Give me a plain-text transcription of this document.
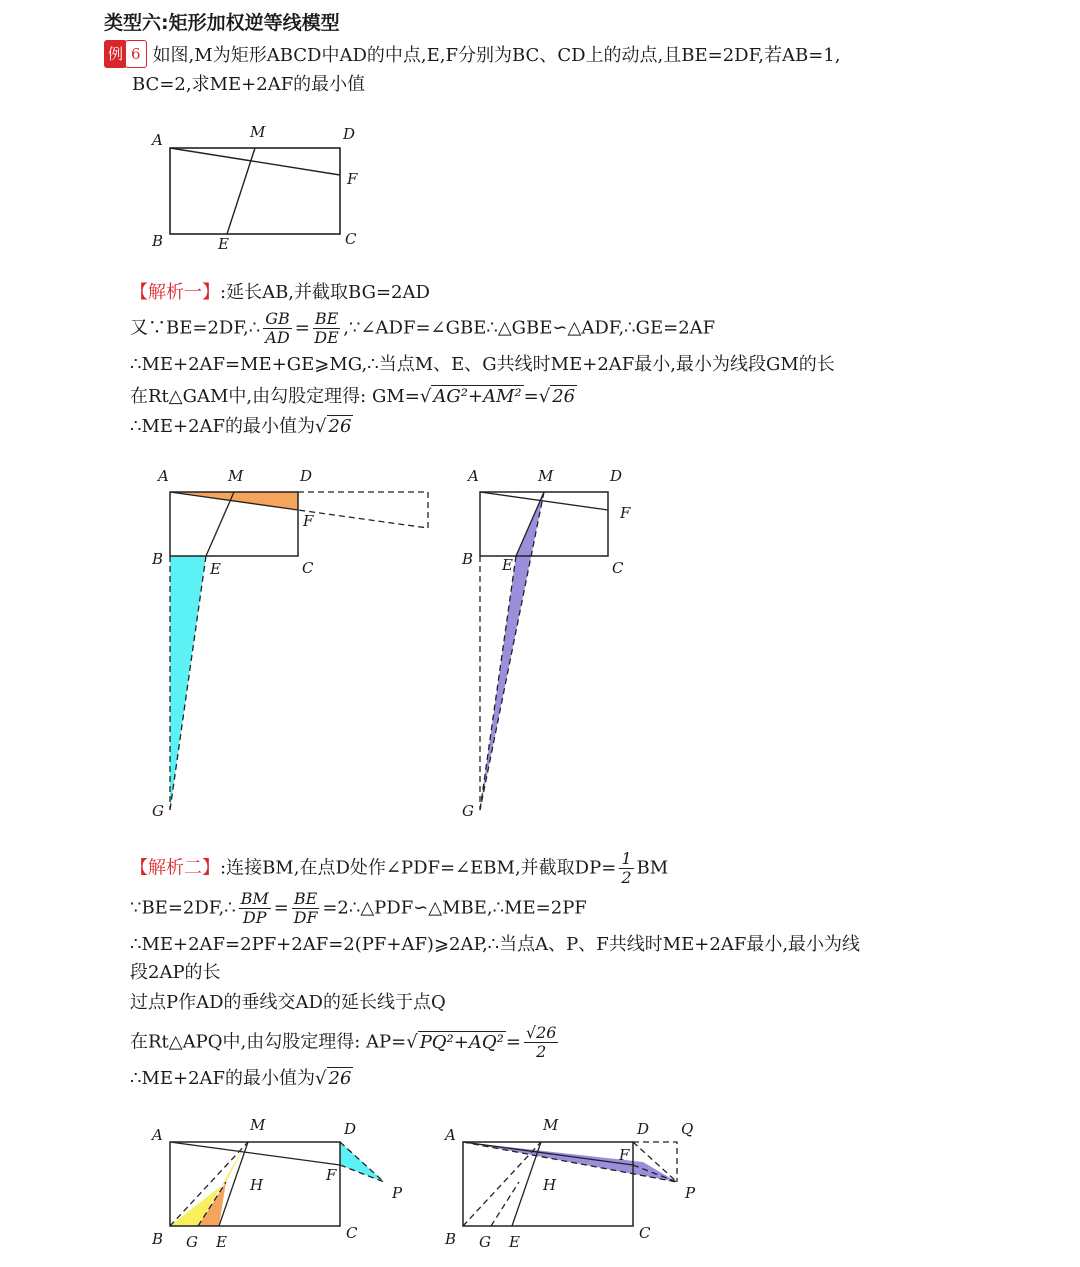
类型六:矩形加权逆等线模型
例 6 如图,M为矩形ABCD中AD的中点,E,F分别为BC、CD上的动点,且BE=2DF,若AB=1,
BC=2,求ME+2AF的最小值
A	M	D
F
B	E	C
【解析一】:延长AB,并截取BG=2AD
又∵BE=2DF,∴ $\frac{GB}{AD} = \frac{BE}{DE}$ ,∵∠ADF=∠GBE∴△GBE∽△ADF,∴GE=2AF
∴ME+2AF=ME+GE⩾MG,∴当点M、E、G共线时ME+2AF最小,最小为线段GM的长
在Rt△GAM中,由勾股定理得: GM=√ AG²+AM² =√ 26
∴ME+2AF的最小值为√ 26
A	M	D
F
B
E	C
G
A	M	D
F
B E	C
G
【解析二】:连接BM,在点D处作∠PDF=∠EBM,并截取$DP= \frac{1}{2}$ BM
∵BE=2DF,∴ $\frac{BM}{DP} = \frac{BE}{DF}$ =2∴△PDF∽△MBE,∴ME=2PF
∴ME+2AF=2PF+2AF=2(PF+AF)⩾2AP,∴当点A、P、F共线时ME+2AF最小,最小为线
段2AP的长
过点P作AD的垂线交AD的延长线于点Q
在Rt△APQ中,由勾股定理得: AP=√ $PQ^2+AQ^2 = \frac{√26}{2}$
∴ME+2AF的最小值为√ 26
A
M	D
F
H	P
B G E	C
A
M	D Q
F
H	P
B G E	C
